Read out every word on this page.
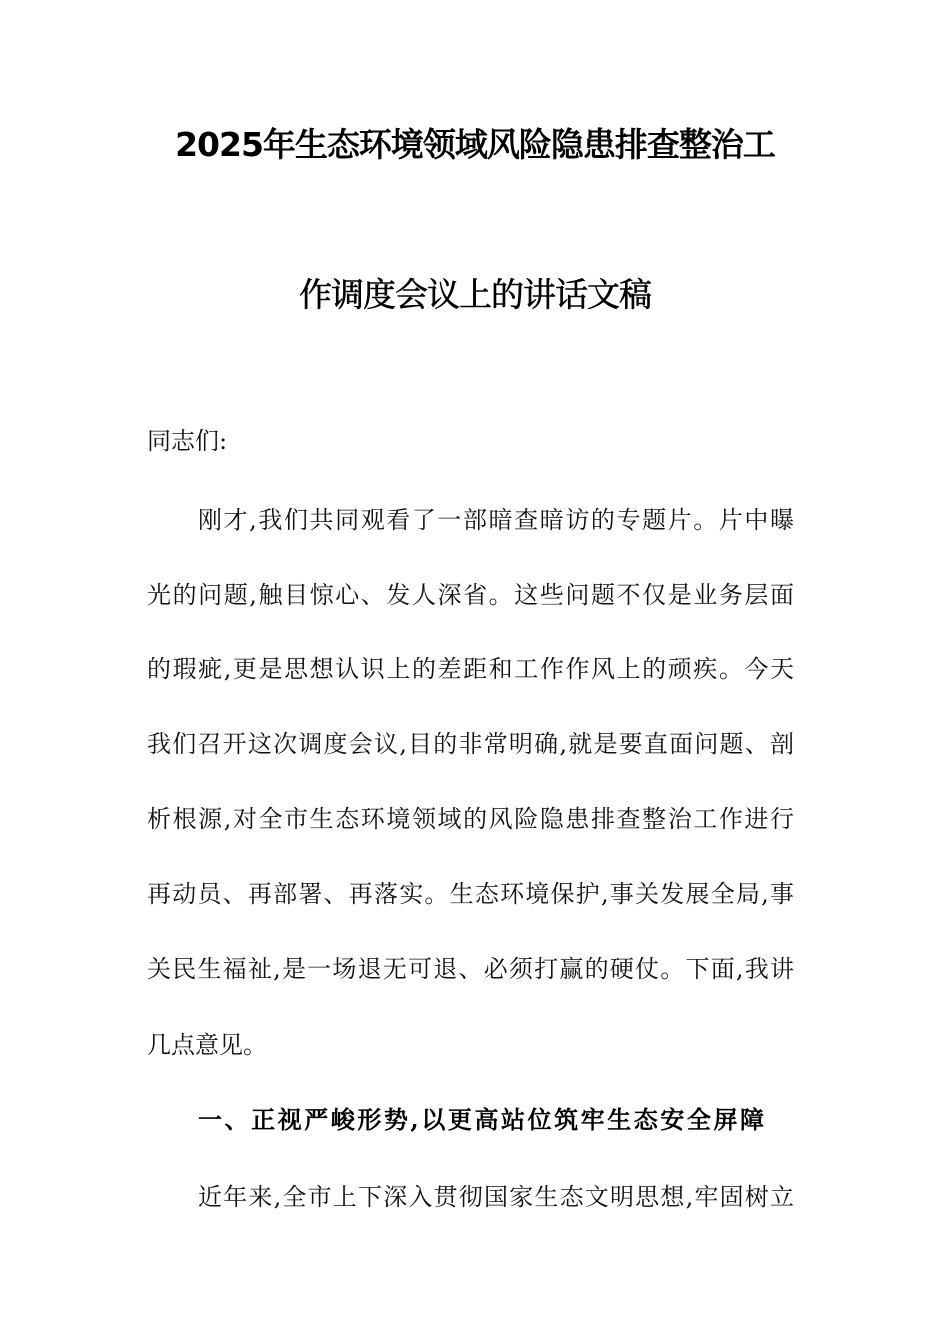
2025年生态环境领域风险隐患排查整治工
作调度会议上的讲话文稿
同志们:
刚才,我们共同观看了一部暗查暗访的专题片。片中曝
光的问题,触目惊心、发人深省。这些问题不仅是业务层面
的瑕疵,更是思想认识上的差距和工作作风上的顽疾。今天
我们召开这次调度会议,目的非常明确,就是要直面问题、剖
析根源,对全市生态环境领域的风险隐患排查整治工作进行
再动员、再部署、再落实。生态环境保护,事关发展全局,事
关民生福祉,是一场退无可退、必须打赢的硬仗。下面,我讲
几点意见。
一、正视严峻形势,以更高站位筑牢生态安全屏障
近年来,全市上下深入贯彻国家生态文明思想,牢固树立
